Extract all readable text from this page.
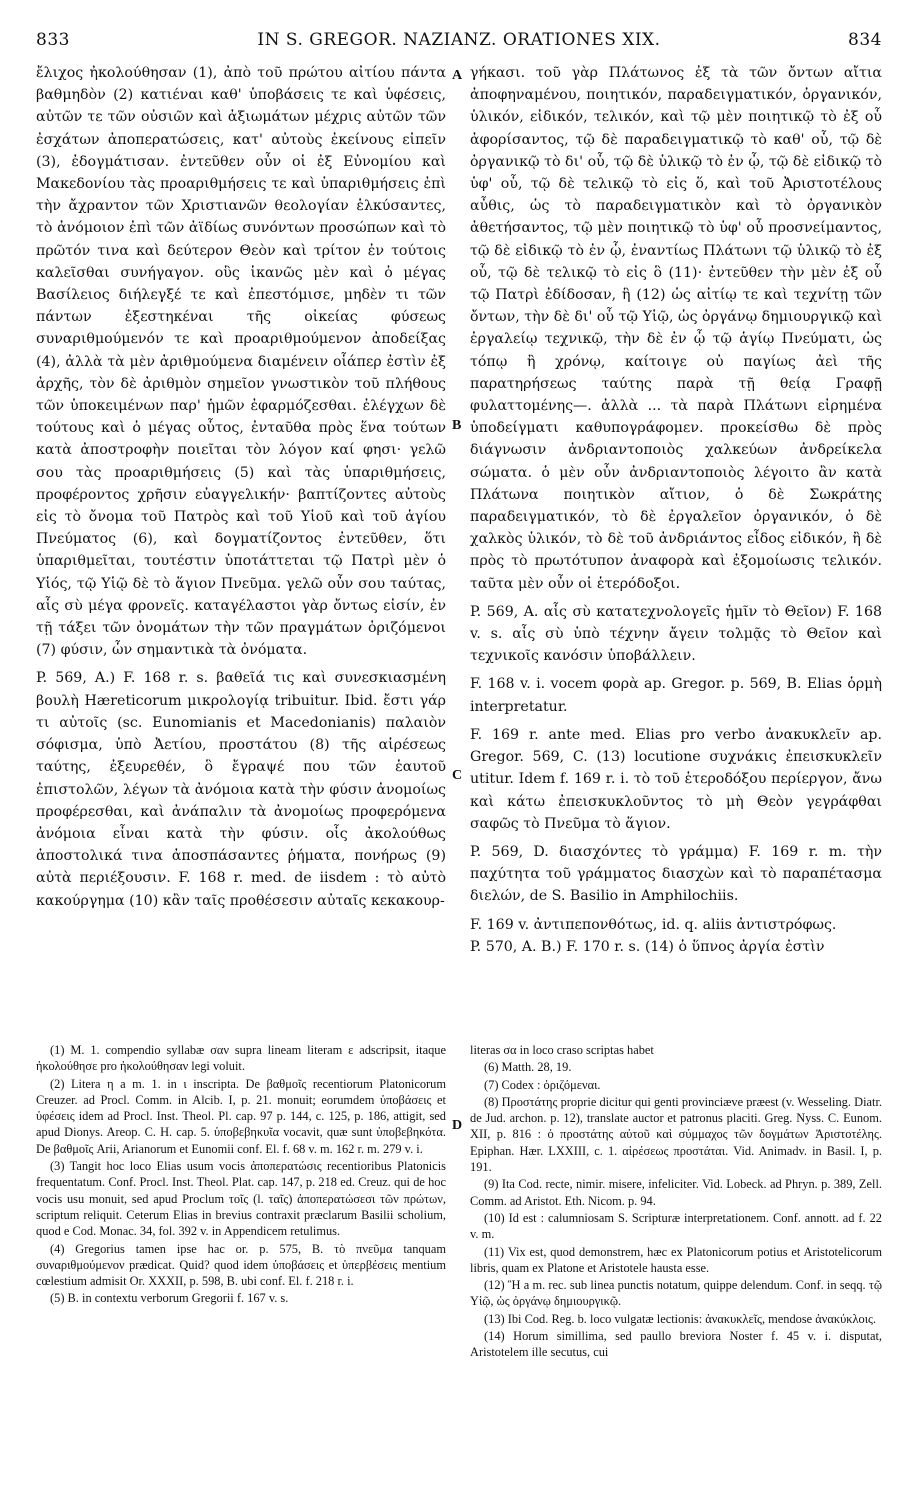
833	IN S. GREGOR. NAZIANZ. ORATIONES XIX.	834

ἔλιχος ἠκολούθησαν (1), ἀπὸ τοῦ πρώτου αἰτίου πάντα βαθμηδὸν (2) κατιέναι καθ' ὑποβάσεις τε καὶ ὑφέσεις, αὐτῶν τε τῶν οὐσιῶν καὶ ἀξιωμάτων μέχρις αὐτῶν τῶν ἐσχάτων ἀποπερατώσεις, κατ' αὐτοὺς ἐκείνους εἰπεῖν (3), ἐδογμάτισαν. ἐντεῦθεν οὖν οἱ ἐξ Εὐνομίου καὶ Μακεδονίου τὰς προαριθμήσεις τε καὶ ὑπαριθμήσεις ἐπὶ τὴν ἄχραντον τῶν Χριστιανῶν θεολογίαν ἑλκύσαντες, τὸ ἀνόμοιον ἐπὶ τῶν ἀϊδίως συνόντων προσώπων καὶ τὸ πρῶτόν τινα καὶ δεύτερον Θεὸν καὶ τρίτον ἐν τούτοις καλεῖσθαι συνήγαγον. οὓς ἱκανῶς μὲν καὶ ὁ μέγας Βασίλειος διήλεγξέ τε καὶ ἐπεστόμισε, μηδὲν τι τῶν πάντων ἐξεστηκέναι τῆς οἰκείας φύσεως συναριθμούμενόν τε καὶ προαριθμούμενον ἀποδείξας (4), ἀλλὰ τὰ μὲν ἀριθμούμενα διαμένειν οἷάπερ ἐστὶν ἐξ ἀρχῆς, τὸν δὲ ἀριθμὸν σημεῖον γνωστικὸν τοῦ πλήθους τῶν ὑποκειμένων παρ' ἡμῶν ἐφαρμόζεσθαι. ἐλέγχων δὲ τούτους καὶ ὁ μέγας οὗτος, ἐνταῦθα πρὸς ἕνα τούτων κατὰ ἀποστροφὴν ποιεῖται τὸν λόγον καί φησι· γελῶ σου τὰς προαριθμήσεις (5) καὶ τὰς ὑπαριθμήσεις, προφέροντος χρῆσιν εὐαγγελικήν· βαπτίζοντες αὐτοὺς εἰς τὸ ὄνομα τοῦ Πατρὸς καὶ τοῦ Υἱοῦ καὶ τοῦ ἁγίου Πνεύματος (6), καὶ δογματίζοντος ἐντεῦθεν, ὅτι ὑπαριθμεῖται, τουτέστιν ὑποτάττεται τῷ Πατρὶ μὲν ὁ Υἱός, τῷ Υἱῷ δὲ τὸ ἅγιον Πνεῦμα. γελῶ οὖν σου ταύτας, αἷς σὺ μέγα φρονεῖς. καταγέλαστοι γὰρ ὄντως εἰσίν, ἐν τῇ τάξει τῶν ὀνομάτων τὴν τῶν πραγμάτων ὁριζόμενοι (7) φύσιν, ὧν σημαντικὰ τὰ ὀνόματα.

P. 569, A.) F. 168 r. s. βαθεῖά τις καὶ συνεσκιασμένη βουλὴ Hæreticorum μικρολογίᾳ tribuitur. Ibid. ἔστι γάρ τι αὐτοῖς (sc. Eunomianis et Macedonianis) παλαιὸν σόφισμα, ὑπὸ Ἀετίου, προστάτου (8) τῆς αἱρέσεως ταύτης, ἐξευρεθέν, ὃ ἔγραψέ που τῶν ἑαυτοῦ ἐπιστολῶν, λέγων τὰ ἀνόμοια κατὰ τὴν φύσιν ἀνομοίως προφέρεσθαι, καὶ ἀνάπαλιν τὰ ἀνομοίως προφερόμενα ἀνόμοια εἶναι κατὰ τὴν φύσιν. οἷς ἀκολούθως ἀποστολικά τινα ἀποσπάσαντες ῥήματα, πονήρως (9) αὐτὰ περιέξουσιν. F. 168 r. med. de iisdem : τὸ αὐτὸ κακούργημα (10) κἂν ταῖς προθέσεσιν αὐταῖς κεκακουρ-

A
B
C
D

γήκασι. τοῦ γὰρ Πλάτωνος ἐξ τὰ τῶν ὄντων αἴτια ἀποφηναμένου, ποιητικόν, παραδειγματικόν, ὀργανικόν, ὑλικόν, εἰδικόν, τελικόν, καὶ τῷ μὲν ποιητικῷ τὸ ἐξ οὗ ἀφορίσαντος, τῷ δὲ παραδειγματικῷ τὸ καθ' οὗ, τῷ δὲ ὀργανικῷ τὸ δι' οὗ, τῷ δὲ ὑλικῷ τὸ ἐν ᾧ, τῷ δὲ εἰδικῷ τὸ ὑφ' οὗ, τῷ δὲ τελικῷ τὸ εἰς ὅ, καὶ τοῦ Ἀριστοτέλους αὖθις, ὡς τὸ παραδειγματικὸν καὶ τὸ ὀργανικὸν ἀθετήσαντος, τῷ μὲν ποιητικῷ τὸ ὑφ' οὗ προσνείμαντος, τῷ δὲ εἰδικῷ τὸ ἐν ᾧ, ἐναντίως Πλάτωνι τῷ ὑλικῷ τὸ ἐξ οὗ, τῷ δὲ τελικῷ τὸ εἰς ὃ (11)· ἐντεῦθεν τὴν μὲν ἐξ οὗ τῷ Πατρὶ ἐδίδοσαν, ἣ (12) ὡς αἰτίῳ τε καὶ τεχνίτῃ τῶν ὄντων, τὴν δὲ δι' οὗ τῷ Υἱῷ, ὡς ὀργάνῳ δημιουργικῷ καὶ ἐργαλείῳ τεχνικῷ, τὴν δὲ ἐν ᾧ τῷ ἁγίῳ Πνεύματι, ὡς τόπῳ ἢ χρόνῳ, καίτοιγε οὐ παγίως ἀεὶ τῆς παρατηρήσεως ταύτης παρὰ τῇ θείᾳ Γραφῇ φυλαττομένης—. ἀλλὰ ... τὰ παρὰ Πλάτωνι εἰρημένα ὑποδείγματι καθυπογράφομεν. προκείσθω δὲ πρὸς διάγνωσιν ἀνδριαντοποιὸς χαλκεύων ἀνδρείκελα σώματα. ὁ μὲν οὖν ἀνδριαντοποιὸς λέγοιτο ἂν κατὰ Πλάτωνα ποιητικὸν αἴτιον, ὁ δὲ Σωκράτης παραδειγματικόν, τὸ δὲ ἐργαλεῖον ὀργανικόν, ὁ δὲ χαλκὸς ὑλικόν, τὸ δὲ τοῦ ἀνδριάντος εἶδος εἰδικόν, ἢ δὲ πρὸς τὸ πρωτότυπον ἀναφορὰ καὶ ἐξομοίωσις τελικόν. ταῦτα μὲν οὖν οἱ ἑτερόδοξοι.

P. 569, A. αἷς σὺ κατατεχνολογεῖς ἡμῖν τὸ Θεῖον) F. 168 v. s. αἷς σὺ ὑπὸ τέχνην ἄγειν τολμᾷς τὸ Θεῖον καὶ τεχνικοῖς κανόσιν ὑποβάλλειν.

F. 168 v. i. vocem φορὰ ap. Gregor. p. 569, B. Elias ὁρμὴ interpretatur.

F. 169 r. ante med. Elias pro verbo ἀνακυκλεῖν ap. Gregor. 569, C. (13) locutione συχνάκις ἐπεισκυκλεῖν utitur. Idem f. 169 r. i. τὸ τοῦ ἑτεροδόξου περίεργον, ἄνω καὶ κάτω ἐπεισκυκλοῦντος τὸ μὴ Θεὸν γεγράφθαι σαφῶς τὸ Πνεῦμα τὸ ἅγιον.

P. 569, D. διασχόντες τὸ γράμμα) F. 169 r. m. τὴν παχύτητα τοῦ γράμματος διασχὼν καὶ τὸ παραπέτασμα διελών, de S. Basilio in Amphilochiis.

F. 169 v. ἀντιπεπονθότως, id. q. aliis ἀντιστρόφως.

P. 570, A. B.) F. 170 r. s. (14) ὁ ὕπνος ἀργία ἐστὶν

(1) M. 1. compendio syllabæ σαν supra lineam literam ε adscripsit, itaque ἠκολούθησε pro ἠκολούθησαν legi voluit.

(2) Litera η a m. 1. in ι inscripta. De βαθμοῖς recentiorum Platonicorum Creuzer. ad Procl. Comm. in Alcib. I, p. 21. monuit; eorumdem ὑποβάσεις et ὑφέσεις idem ad Procl. Inst. Theol. Pl. cap. 97 p. 144, c. 125, p. 186, attigit, sed apud Dionys. Areop. C. H. cap. 5. ὑποβεβηκυῖα vocavit, quæ sunt ὑποβεβηκότα. De βαθμοῖς Arii, Arianorum et Eunomii conf. El. f. 68 v. m. 162 r. m. 279 v. i.

(3) Tangit hoc loco Elias usum vocis ἀποπερατώσις recentioribus Platonicis frequentatum. Conf. Procl. Inst. Theol. Plat. cap. 147, p. 218 ed. Creuz. qui de hoc vocis usu monuit, sed apud Proclum τοῖς (l. ταῖς) ἀποπερατώσεσι τῶν πρώτων, scriptum reliquit. Ceterum Elias in brevius contraxit præclarum Basilii scholium, quod e Cod. Monac. 34, fol. 392 v. in Appendicem retulimus.

(4) Gregorius tamen ipse hac or. p. 575, B. τὸ πνεῦμα tanquam συναριθμούμενον prædicat. Quid? quod idem ὑποβάσεις et ὑπερβέσεις mentium cœlestium admisit Or. XXXII, p. 598, B. ubi conf. El. f. 218 r. i.

(5) B. in contextu verborum Gregorii f. 167 v. s.

literas σα in loco craso scriptas habet

(6) Matth. 28, 19.

(7) Codex : ὁριζόμεναι.

(8) Προστάτης proprie dicitur qui genti provinciæve præest (v. Wesseling. Diatr. de Jud. archon. p. 12), translate auctor et patronus placiti. Greg. Nyss. C. Eunom. XII, p. 816 : ὁ προστάτης αὐτοῦ καὶ σύμμαχος τῶν δογμάτων Ἀριστοτέλης. Epiphan. Hær. LXXIII, c. 1. αἱρέσεως προστάται. Vid. Animadv. in Basil. I, p. 191.

(9) Ita Cod. recte, nimir. misere, infeliciter. Vid. Lobeck. ad Phryn. p. 389, Zell. Comm. ad Aristot. Eth. Nicom. p. 94.

(10) Id est : calumniosam S. Scripturæ interpretationem. Conf. annott. ad f. 22 v. m.

(11) Vix est, quod demonstrem, hæc ex Platonicorum potius et Aristotelicorum libris, quam ex Platone et Aristotele hausta esse.

(12) Ἣ a m. rec. sub linea punctis notatum, quippe delendum. Conf. in seqq. τῷ Υἱῷ, ὡς ὀργάνῳ δημιουργικῷ.

(13) Ibi Cod. Reg. b. loco vulgatæ lectionis: ἀνακυκλεῖς, mendose ἀνακύκλοις.

(14) Horum simillima, sed paullo breviora Noster f. 45 v. i. disputat, Aristotelem ille secutus, cui
